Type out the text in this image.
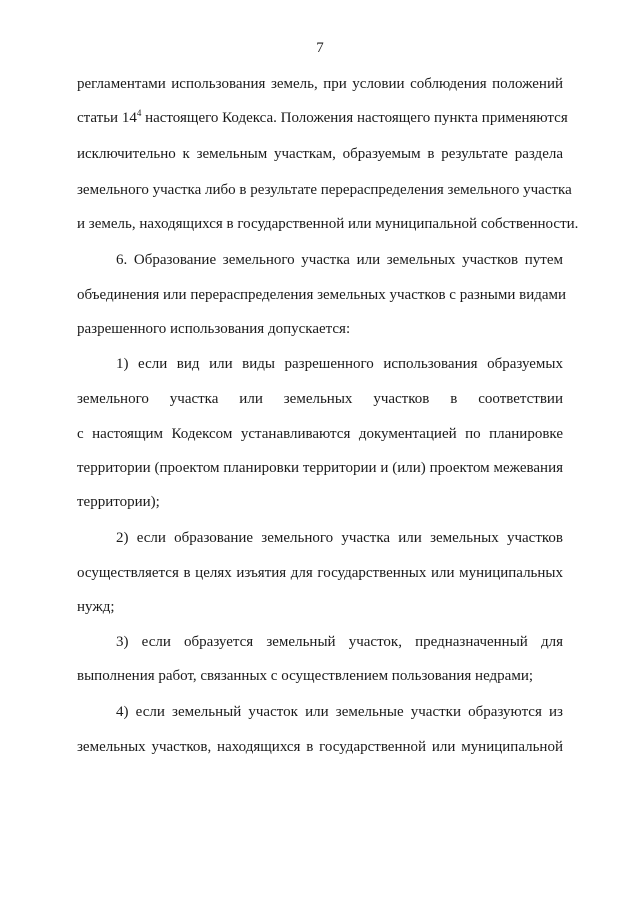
7
регламентами использования земель, при условии соблюдения положений
статьи $14^4$ настоящего Кодекса. Положения настоящего пункта применяются
исключительно к земельным участкам, образуемым в результате раздела
земельного участка либо в результате перераспределения земельного участка
и земель, находящихся в государственной или муниципальной собственности.
6. Образование земельного участка или земельных участков путем
объединения или перераспределения земельных участков с разными видами
разрешенного использования допускается:
1) если вид или виды разрешенного использования образуемых
земельного участка или земельных участков в соответствии
с настоящим Кодексом устанавливаются документацией по планировке
территории (проектом планировки территории и (или) проектом межевания
территории);
2) если образование земельного участка или земельных участков
осуществляется в целях изъятия для государственных или муниципальных
нужд;
3) если образуется земельный участок, предназначенный для
выполнения работ, связанных с осуществлением пользования недрами;
4) если земельный участок или земельные участки образуются из
земельных участков, находящихся в государственной или муниципальной
